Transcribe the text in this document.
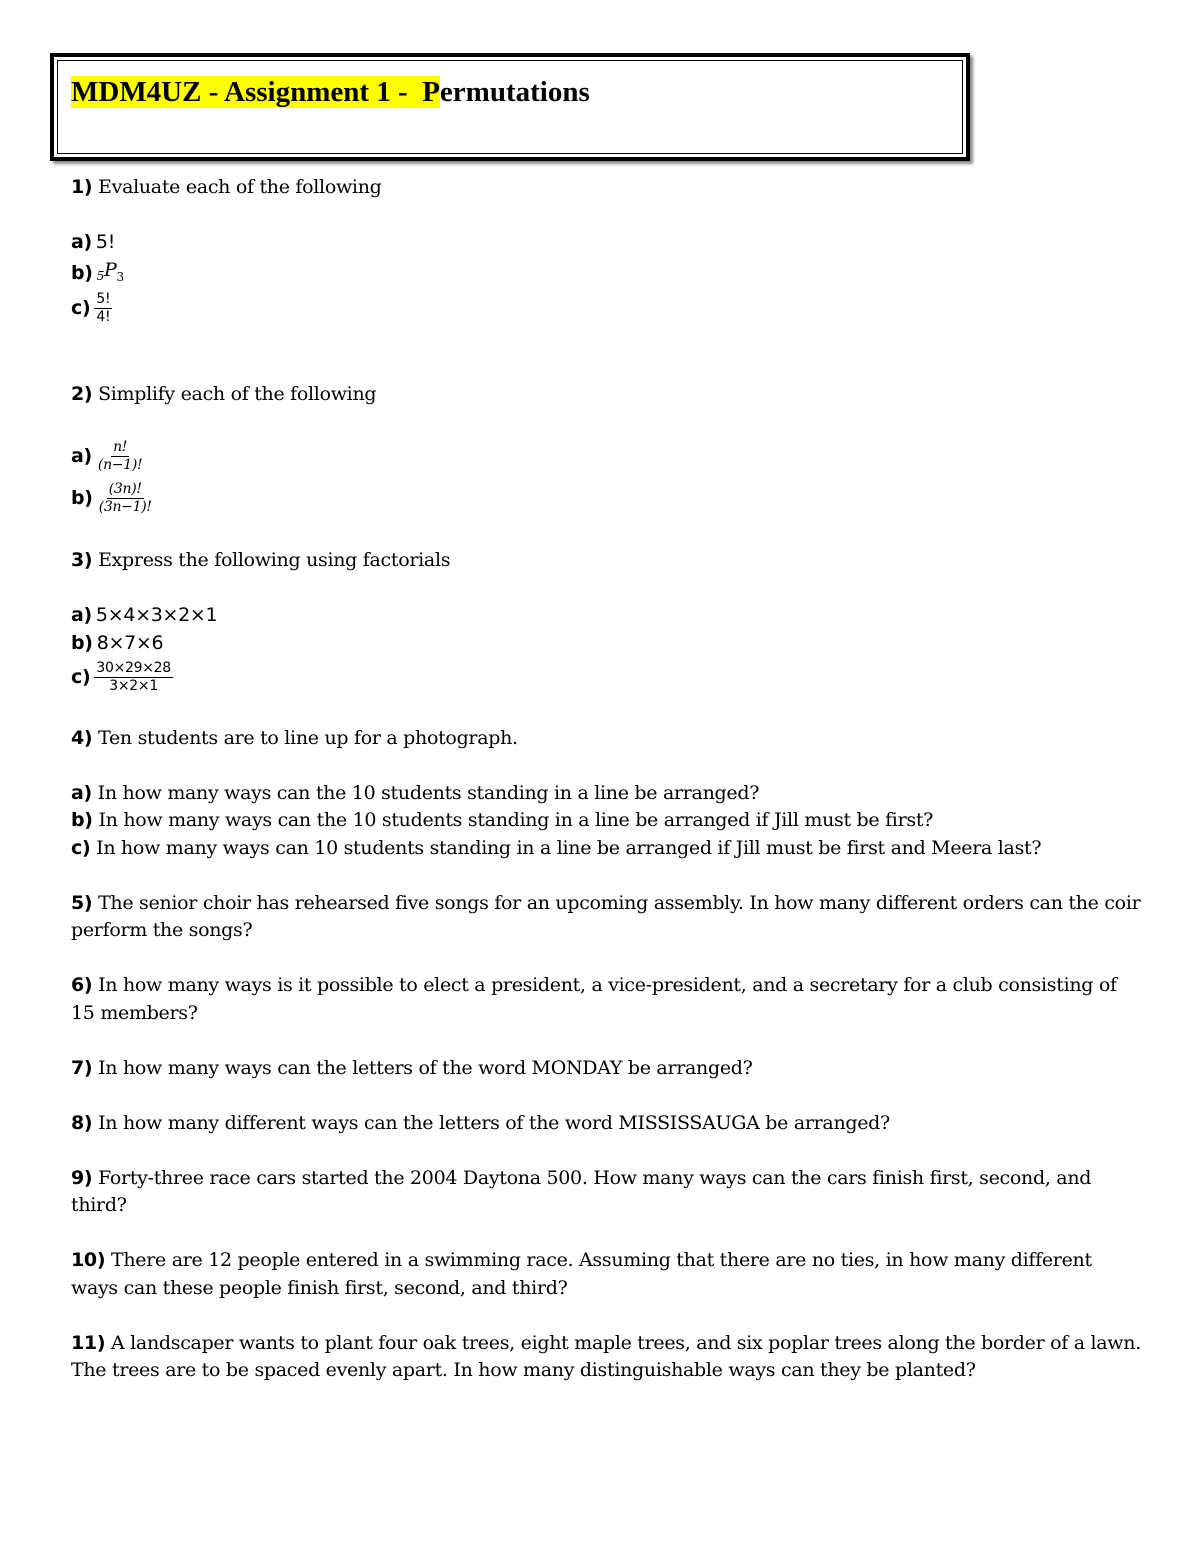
MDM4UZ - Assignment 1 -  Permutations

1) Evaluate each of the following

a) 5!

b) $_5P_3$

$c) \frac{5!}{4!}$

2) Simplify each of the following

$a) \frac{n!}{(n-1)!}$

$b) \frac{(3n)!}{(3n-1)!}$

3) Express the following using factorials

a) 5×4×3×2×1

b) 8×7×6

$c) \frac{30\times 29\times 28}{3\times 2\times 1}$

4) Ten students are to line up for a photograph.

a) In how many ways can the 10 students standing in a line be arranged?

b) In how many ways can the 10 students standing in a line be arranged if Jill must be first?

c) In how many ways can 10 students standing in a line be arranged if Jill must be first and Meera last?

5) The senior choir has rehearsed five songs for an upcoming assembly. In how many different orders can the coir perform the songs?

6) In how many ways is it possible to elect a president, a vice-president, and a secretary for a club consisting of 15 members?

7) In how many ways can the letters of the word MONDAY be arranged?

8) In how many different ways can the letters of the word MISSISSAUGA be arranged?

9) Forty-three race cars started the 2004 Daytona 500. How many ways can the cars finish first, second, and third?

10) There are 12 people entered in a swimming race. Assuming that there are no ties, in how many different ways can these people finish first, second, and third?

11) A landscaper wants to plant four oak trees, eight maple trees, and six poplar trees along the border of a lawn. The trees are to be spaced evenly apart. In how many distinguishable ways can they be planted?
